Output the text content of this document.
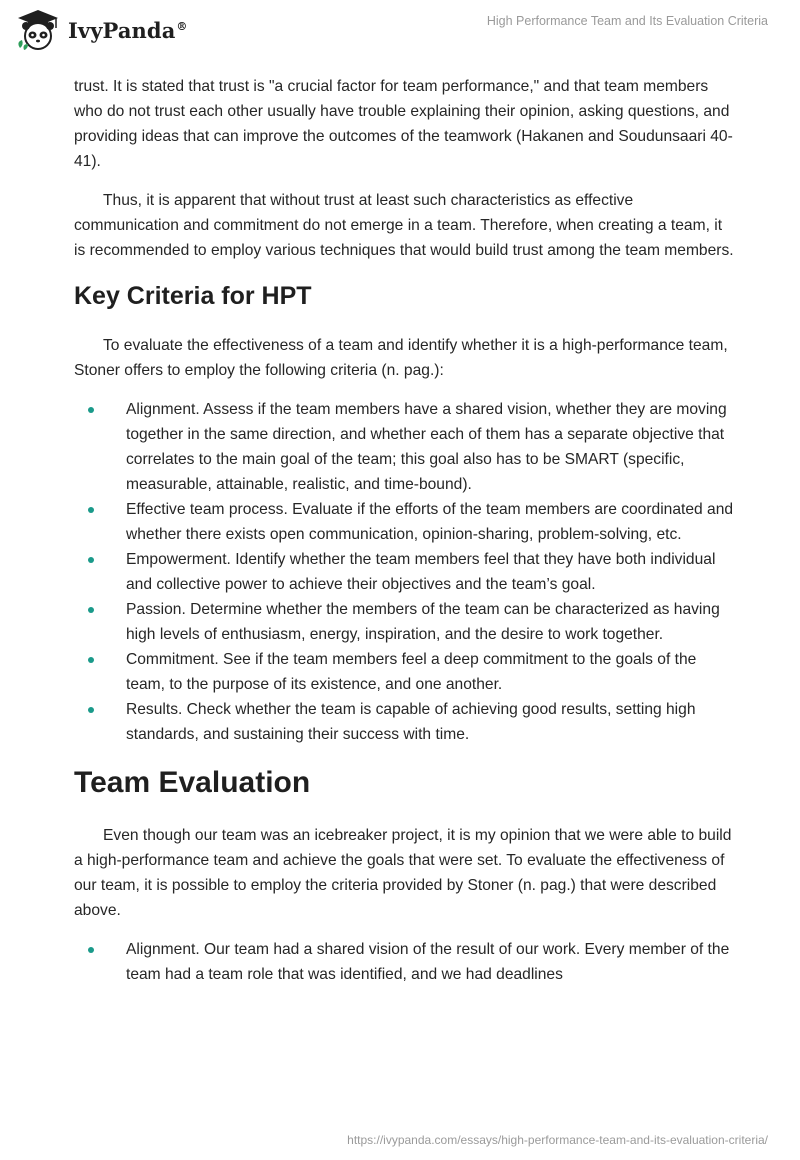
IvyPanda®	High Performance Team and Its Evaluation Criteria

trust. It is stated that trust is "a crucial factor for team performance," and that team members who do not trust each other usually have trouble explaining their opinion, asking questions, and providing ideas that can improve the outcomes of the teamwork (Hakanen and Soudunsaari 40-41).

Thus, it is apparent that without trust at least such characteristics as effective communication and commitment do not emerge in a team. Therefore, when creating a team, it is recommended to employ various techniques that would build trust among the team members.

Key Criteria for HPT

To evaluate the effectiveness of a team and identify whether it is a high-performance team, Stoner offers to employ the following criteria (n. pag.):

Alignment. Assess if the team members have a shared vision, whether they are moving together in the same direction, and whether each of them has a separate objective that correlates to the main goal of the team; this goal also has to be SMART (specific, measurable, attainable, realistic, and time-bound).
Effective team process. Evaluate if the efforts of the team members are coordinated and whether there exists open communication, opinion-sharing, problem-solving, etc.
Empowerment. Identify whether the team members feel that they have both individual and collective power to achieve their objectives and the team’s goal.
Passion. Determine whether the members of the team can be characterized as having high levels of enthusiasm, energy, inspiration, and the desire to work together.
Commitment. See if the team members feel a deep commitment to the goals of the team, to the purpose of its existence, and one another.
Results. Check whether the team is capable of achieving good results, setting high standards, and sustaining their success with time.
Team Evaluation

Even though our team was an icebreaker project, it is my opinion that we were able to build a high-performance team and achieve the goals that were set. To evaluate the effectiveness of our team, it is possible to employ the criteria provided by Stoner (n. pag.) that were described above.

Alignment. Our team had a shared vision of the result of our work. Every member of the team had a team role that was identified, and we had deadlines
https://ivypanda.com/essays/high-performance-team-and-its-evaluation-criteria/
